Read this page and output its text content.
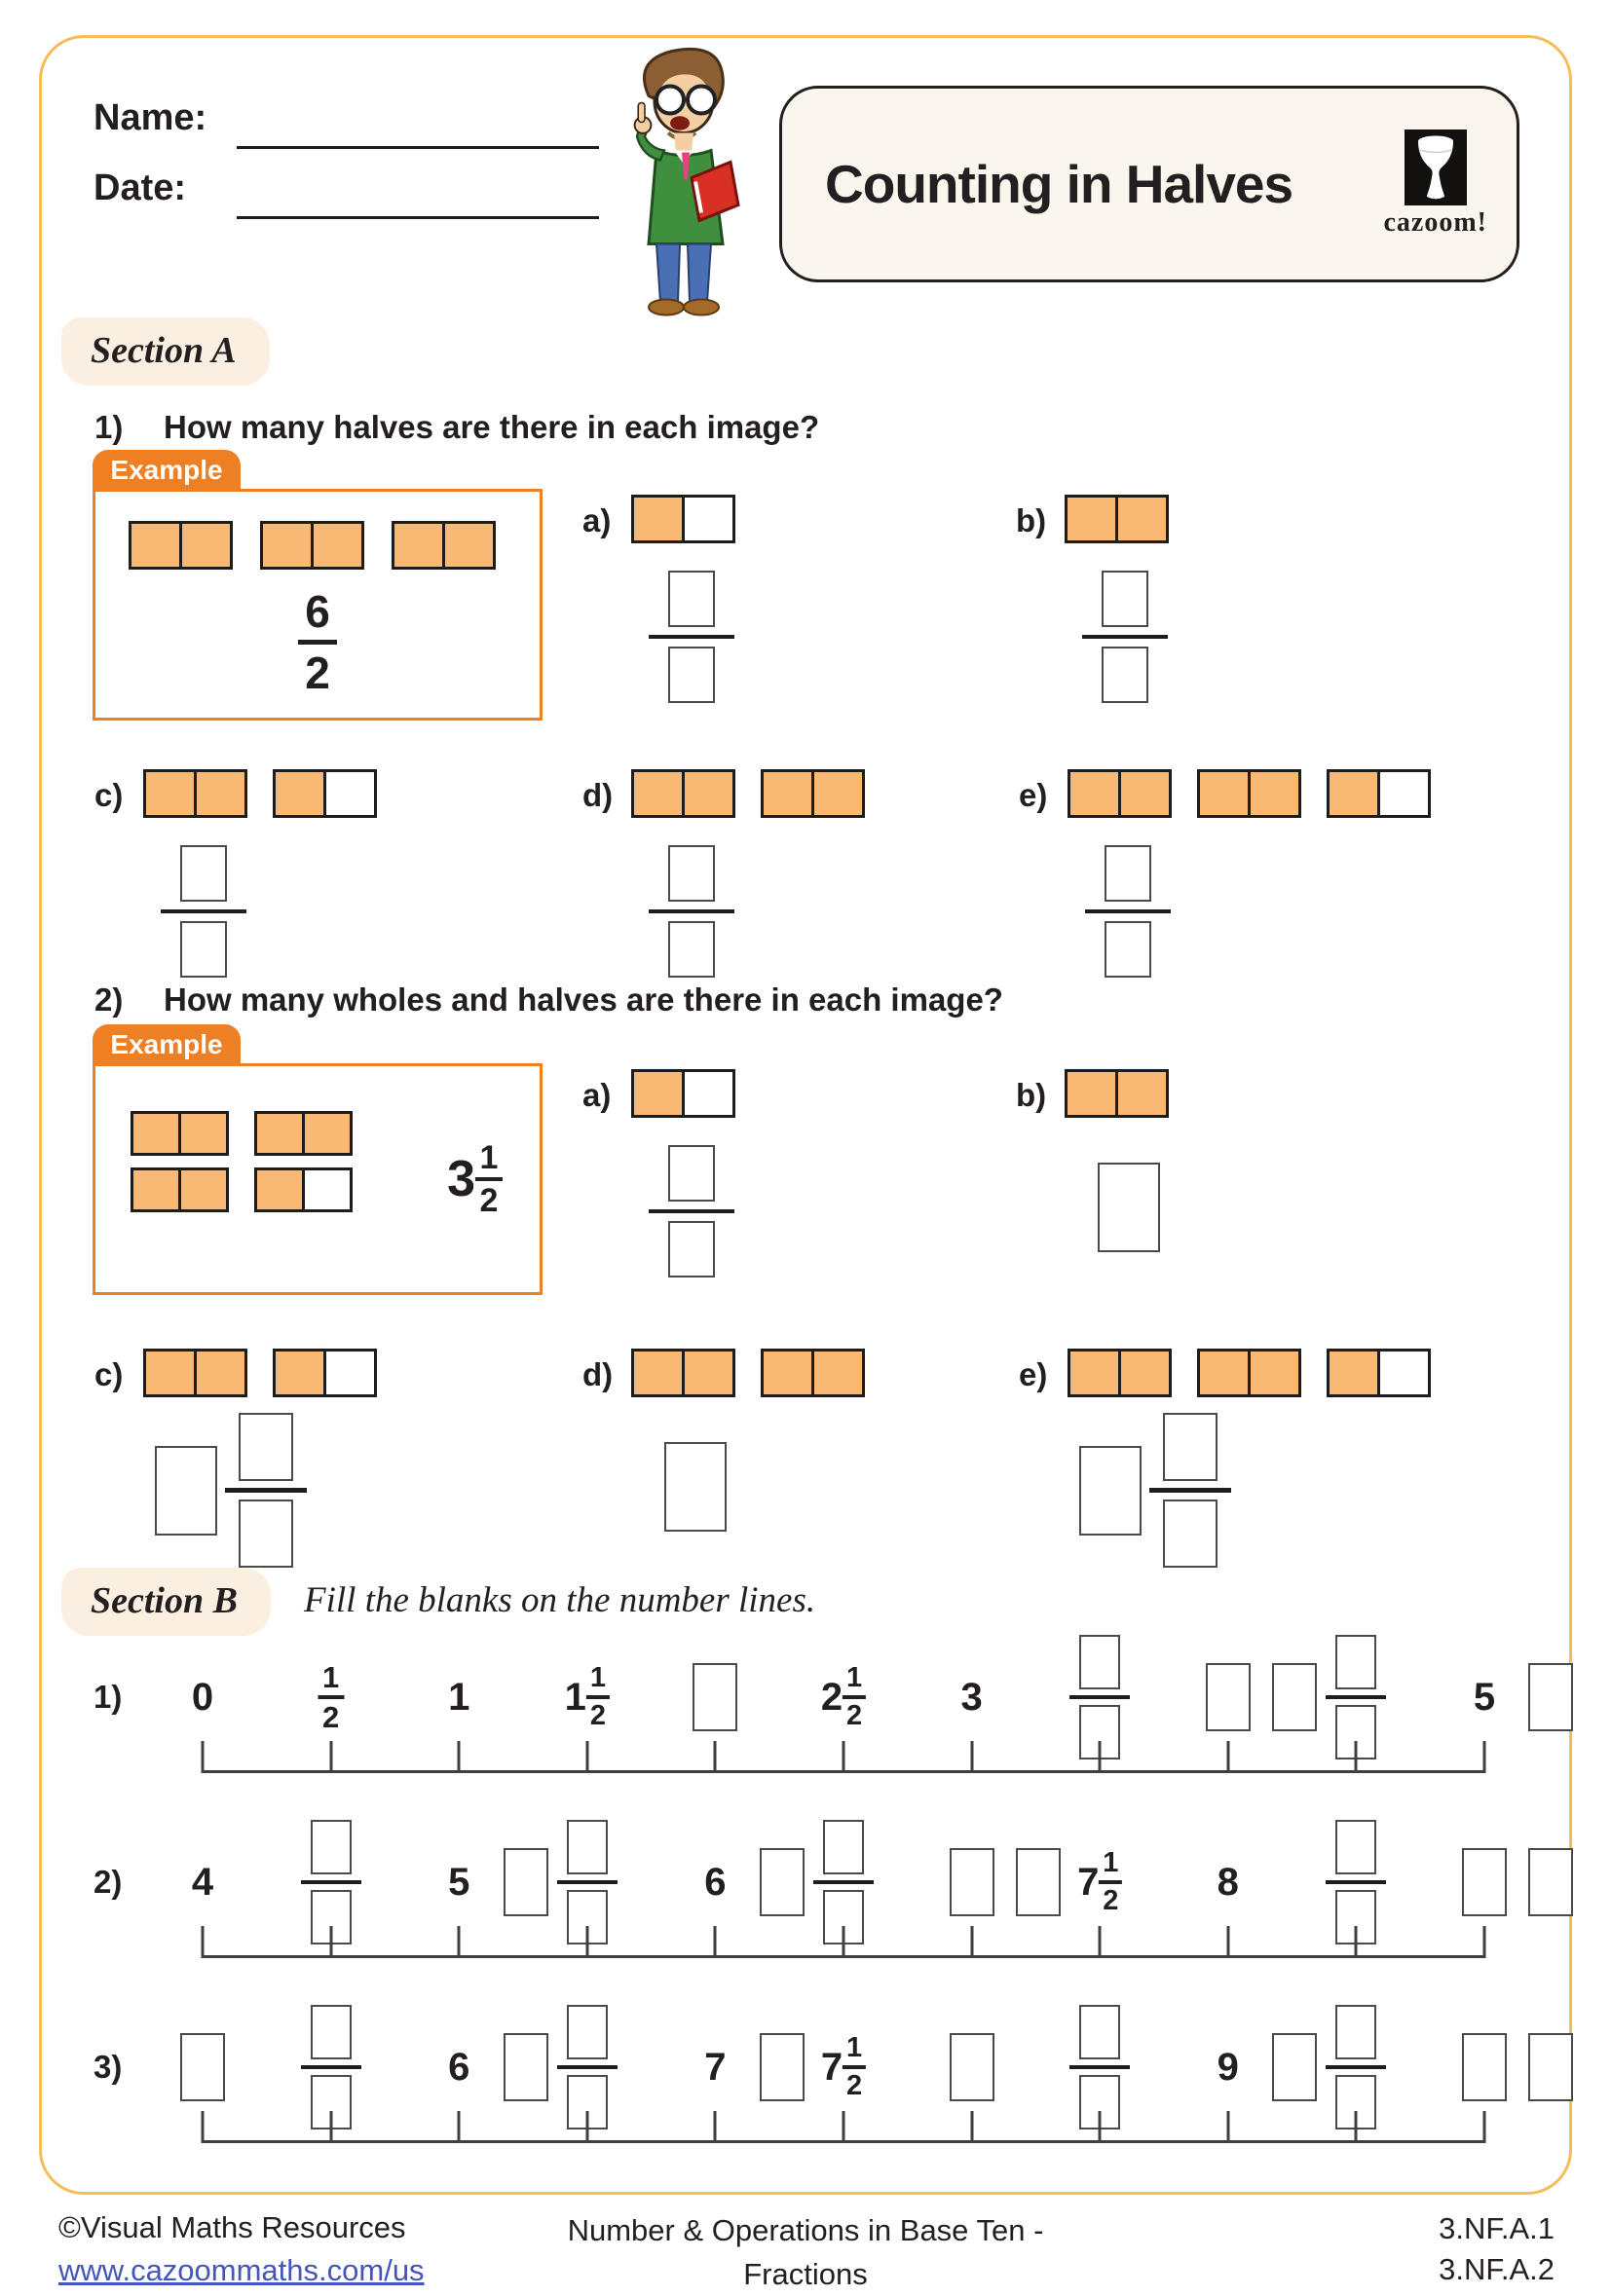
Name:
Date:	Counting in Halves
cazoom!
Section A
1) How many halves are there in each image?
Example
6
2
a)	b)
c)	d)	e)
2) How many wholes and halves are there in each image?
Example
3 1
2
a)	b)
c)	d)	e)
Section B	Fill the blanks on the number lines.
1) 0	1
2	1 1 1
2	2 1
2	3	5
2) 4	5	6	7 1
2	8
3)	6	7 7 1
2	9
©Visual Maths Resources
www.cazoommaths.com/us
Number & Operations in Base Ten -
Fractions
3.NF.A.1
3.NF.A.2
